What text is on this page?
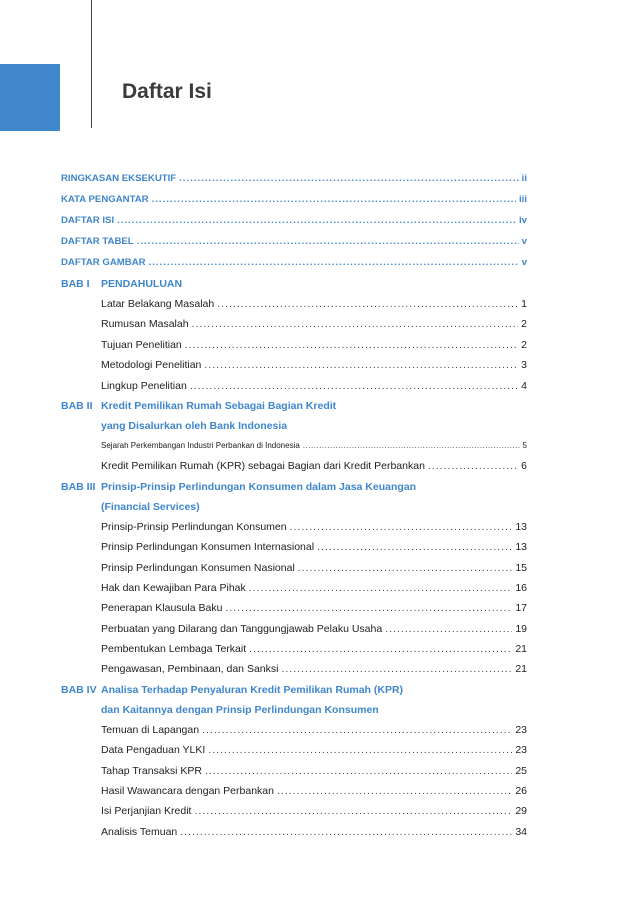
Daftar Isi
RINGKASAN EKSEKUTIF .....	ii
KATA PENGANTAR .....	iii
DAFTAR ISI .....	iv
DAFTAR TABEL .....	v
DAFTAR GAMBAR .....	v
BAB I	PENDAHULUAN
Latar Belakang Masalah .....	1
Rumusan Masalah .....	2
Tujuan Penelitian .....	2
Metodologi Penelitian .....	3
Lingkup Penelitian .....	4
BAB II Kredit Pemilikan Rumah Sebagai Bagian Kredit
yang Disalurkan oleh Bank Indonesia
Sejarah Perkembangan Industri Perbankan di Indonesia .....	5
Kredit Pemilikan Rumah (KPR) sebagai Bagian dari Kredit Perbankan .....	6
BAB III Prinsip-Prinsip Perlindungan Konsumen dalam Jasa Keuangan
(Financial Services)
Prinsip-Prinsip Perlindungan Konsumen .....	13
Prinsip Perlindungan Konsumen Internasional .....	13
Prinsip Perlindungan Konsumen Nasional .....	15
Hak dan Kewajiban Para Pihak .....	16
Penerapan Klausula Baku .....	17
Perbuatan yang Dilarang dan Tanggungjawab Pelaku Usaha .....	19
Pembentukan Lembaga Terkait .....	21
Pengawasan, Pembinaan, dan Sanksi .....	21
BAB IV Analisa Terhadap Penyaluran Kredit Pemilikan Rumah (KPR)
dan Kaitannya dengan Prinsip Perlindungan Konsumen
Temuan di Lapangan .....	23
Data Pengaduan YLKI .....	23
Tahap Transaksi KPR .....	25
Hasil Wawancara dengan Perbankan .....	26
Isi Perjanjian Kredit .....	29
Analisis Temuan .....	34
